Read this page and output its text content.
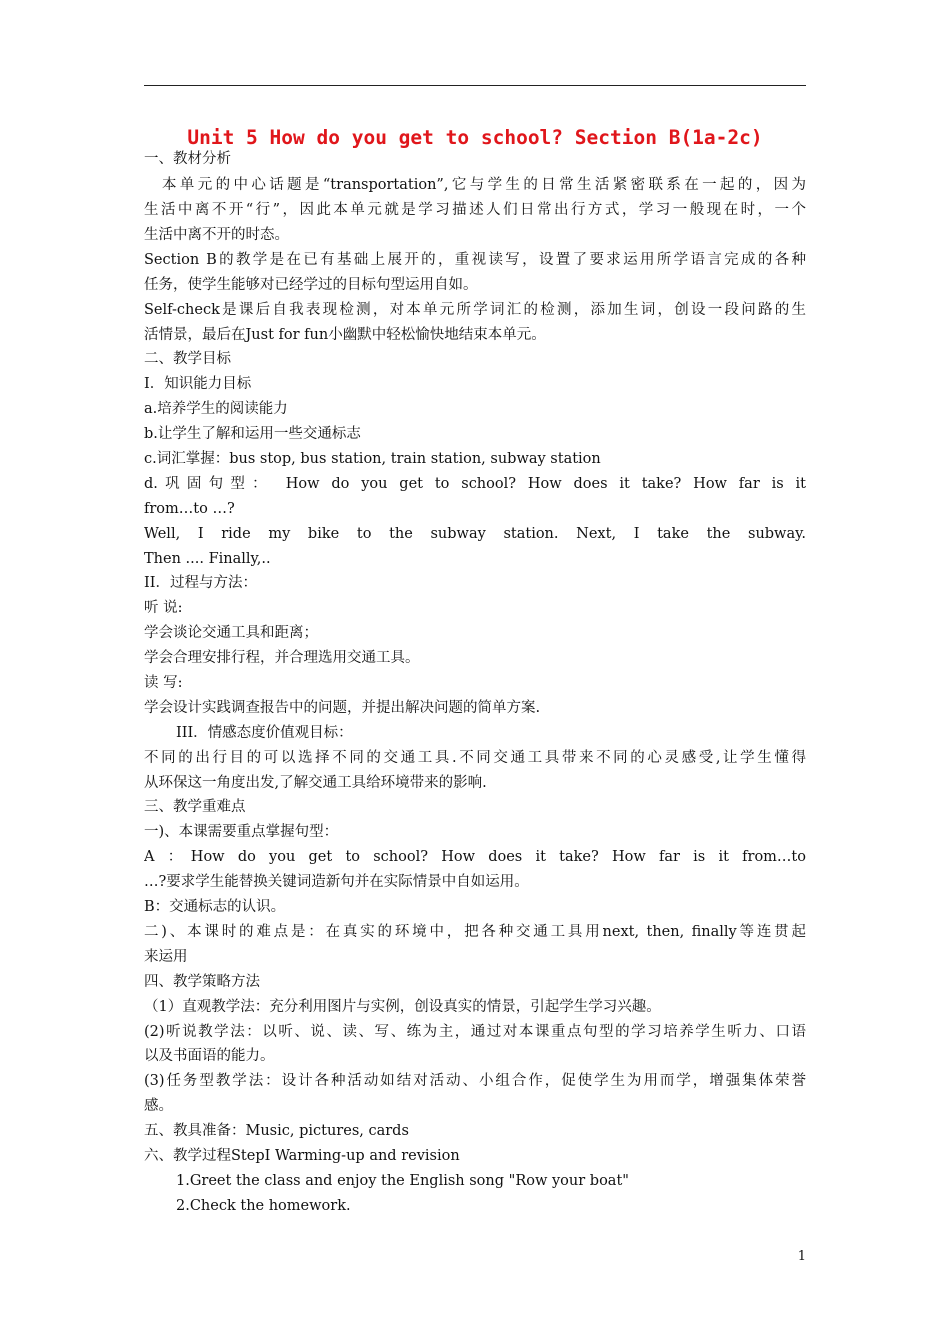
Unit 5 How do you get to school? Section B(1a-2c)
一、教材分析
本单元的中心话题是“transportation”,它与学生的日常生活紧密联系在一起的，因为
生活中离不开“行”，因此本单元就是学习描述人们日常出行方式，学习一般现在时，一个
生活中离不开的时态。
Section B的教学是在已有基础上展开的，重视读写，设置了要求运用所学语言完成的各种
任务，使学生能够对已经学过的目标句型运用自如。
Self-check是课后自我表现检测，对本单元所学词汇的检测，添加生词，创设一段问路的生
活情景，最后在Just for fun小幽默中轻松愉快地结束本单元。
二、教学目标
I．知识能力目标
a.培养学生的阅读能力
b.让学生了解和运用一些交通标志
c.词汇掌握：bus stop, bus station, train station, subway station
d.巩固句型： How do you get to school? How does it take? How far is it
from…to …?
Well, I ride my bike to the subway station. Next, I take the subway.
Then .... Finally,..
II．过程与方法：
听 说:
学会谈论交通工具和距离；
学会合理安排行程，并合理选用交通工具。
读 写:
学会设计实践调查报告中的问题，并提出解决问题的简单方案.
III．情感态度价值观目标：
不同的出行目的可以选择不同的交通工具.不同交通工具带来不同的心灵感受,让学生懂得
从环保这一角度出发,了解交通工具给环境带来的影响.
三、教学重难点
一)、本课需要重点掌握句型：
A ：How do you get to school? How does it take? How far is it from…to
…?要求学生能替换关键词造新句并在实际情景中自如运用。
B：交通标志的认识。
二)、本课时的难点是：在真实的环境中，把各种交通工具用next, then, finally等连贯起
来运用
四、教学策略方法
（1）直观教学法：充分利用图片与实例，创设真实的情景，引起学生学习兴趣。
(2)听说教学法：以听、说、读、写、练为主，通过对本课重点句型的学习培养学生听力、口语
以及书面语的能力。
(3)任务型教学法：设计各种活动如结对活动、小组合作，促使学生为用而学，增强集体荣誉
感。
五、教具准备：Music, pictures, cards
六、教学过程StepⅠ Warming-up and revision
1.Greet the class and enjoy the English song "Row your boat"
2.Check the homework.
1
